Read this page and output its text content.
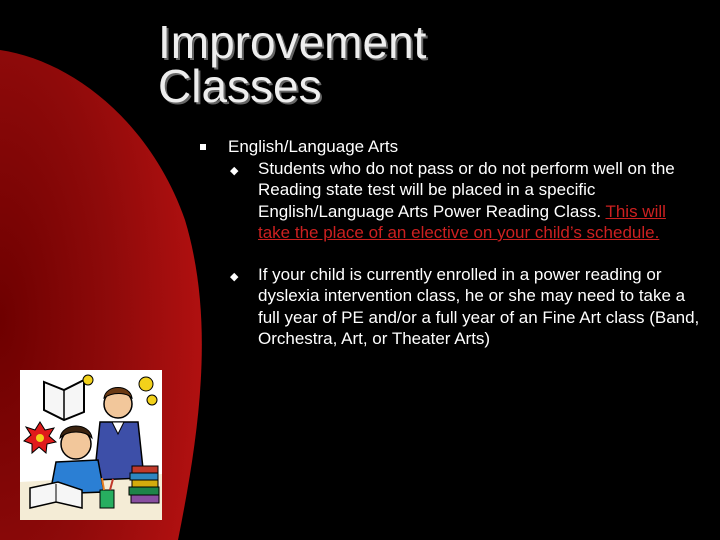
Improvement
Classes
English/Language Arts
◆ Students who do not pass or do not perform well on the Reading state test will be placed in a specific English/Language Arts Power Reading Class. This will take the place of an elective on your child’s schedule.
◆ If your child is currently enrolled in a power reading or dyslexia intervention class, he or she may need to take a full year of PE and/or a full year of an Fine Art class (Band, Orchestra, Art, or Theater Arts)
